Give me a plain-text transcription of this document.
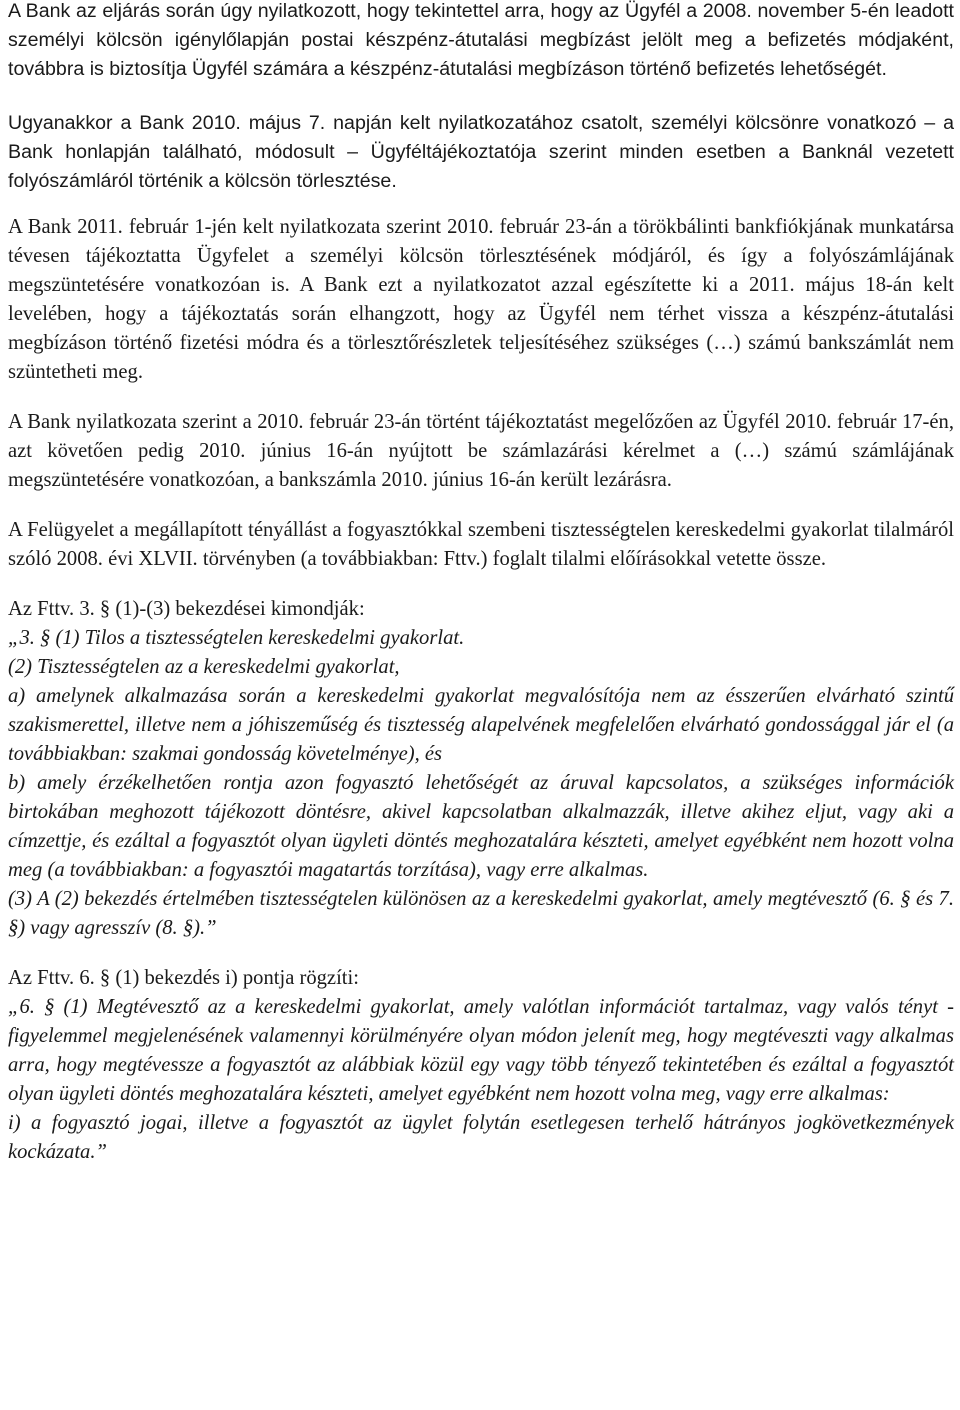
A Bank az eljárás során úgy nyilatkozott, hogy tekintettel arra, hogy az Ügyfél a 2008. november 5-én leadott személyi kölcsön igénylőlapján postai készpénz-átutalási megbízást jelölt meg a befizetés módjaként, továbbra is biztosítja Ügyfél számára a készpénz-átutalási megbízáson történő befizetés lehetőségét.

Ugyanakkor a Bank 2010. május 7. napján kelt nyilatkozatához csatolt, személyi kölcsönre vonatkozó – a Bank honlapján található, módosult – Ügyféltájékoztatója szerint minden esetben a Banknál vezetett folyószámláról történik a kölcsön törlesztése.

A Bank 2011. február 1-jén kelt nyilatkozata szerint 2010. február 23-án a törökbálinti bankfiókjának munkatársa tévesen tájékoztatta Ügyfelet a személyi kölcsön törlesztésének módjáról, és így a folyószámlájának megszüntetésére vonatkozóan is. A Bank ezt a nyilatkozatot azzal egészítette ki a 2011. május 18-án kelt levelében, hogy a tájékoztatás során elhangzott, hogy az Ügyfél nem térhet vissza a készpénz-átutalási megbízáson történő fizetési módra és a törlesztőrészletek teljesítéséhez szükséges (…) számú bankszámlát nem szüntetheti meg.

A Bank nyilatkozata szerint a 2010. február 23-án történt tájékoztatást megelőzően az Ügyfél 2010. február 17-én, azt követően pedig 2010. június 16-án nyújtott be számlazárási kérelmet a (…) számú számlájának megszüntetésére vonatkozóan, a bankszámla 2010. június 16-án került lezárásra.

A Felügyelet a megállapított tényállást a fogyasztókkal szembeni tisztességtelen kereskedelmi gyakorlat tilalmáról szóló 2008. évi XLVII. törvényben (a továbbiakban: Fttv.) foglalt tilalmi előírásokkal vetette össze.

Az Fttv. 3. § (1)-(3) bekezdései kimondják:

„3. § (1) Tilos a tisztességtelen kereskedelmi gyakorlat.

(2) Tisztességtelen az a kereskedelmi gyakorlat,

a) amelynek alkalmazása során a kereskedelmi gyakorlat megvalósítója nem az ésszerűen elvárható szintű szakismerettel, illetve nem a jóhiszeműség és tisztesség alapelvének megfelelően elvárható gondossággal jár el (a továbbiakban: szakmai gondosság követelménye), és

b) amely érzékelhetően rontja azon fogyasztó lehetőségét az áruval kapcsolatos, a szükséges információk birtokában meghozott tájékozott döntésre, akivel kapcsolatban alkalmazzák, illetve akihez eljut, vagy aki a címzettje, és ezáltal a fogyasztót olyan ügyleti döntés meghozatalára készteti, amelyet egyébként nem hozott volna meg (a továbbiakban: a fogyasztói magatartás torzítása), vagy erre alkalmas.

(3) A (2) bekezdés értelmében tisztességtelen különösen az a kereskedelmi gyakorlat, amely megtévesztő (6. § és 7. §) vagy agresszív (8. §).”

Az Fttv. 6. § (1) bekezdés i) pontja rögzíti:

„6. § (1) Megtévesztő az a kereskedelmi gyakorlat, amely valótlan információt tartalmaz, vagy valós tényt - figyelemmel megjelenésének valamennyi körülményére olyan módon jelenít meg, hogy megtéveszti vagy alkalmas arra, hogy megtévessze a fogyasztót az alábbiak közül egy vagy több tényező tekintetében és ezáltal a fogyasztót olyan ügyleti döntés meghozatalára készteti, amelyet egyébként nem hozott volna meg, vagy erre alkalmas:

i) a fogyasztó jogai, illetve a fogyasztót az ügylet folytán esetlegesen terhelő hátrányos jogkövetkezmények kockázata.”
